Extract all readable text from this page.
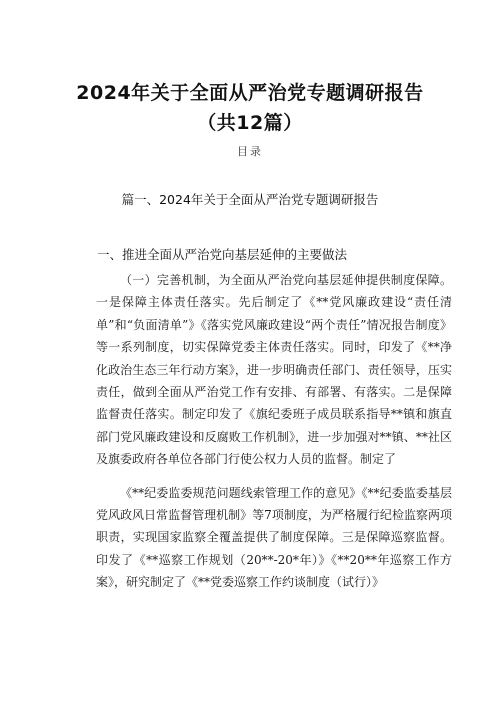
2024年关于全面从严治党专题调研报告（共12篇）
目录
篇一、2024年关于全面从严治党专题调研报告
一、推进全面从严治党向基层延伸的主要做法

（一）完善机制，为全面从严治党向基层延伸提供制度保障。一是保障主体责任落实。先后制定了《**党风廉政建设“责任清单”和“负面清单”》《落实党风廉政建设“两个责任”情况报告制度》等一系列制度，切实保障党委主体责任落实。同时，印发了《**净化政治生态三年行动方案》，进一步明确责任部门、责任领导，压实责任，做到全面从严治党工作有安排、有部署、有落实。二是保障监督责任落实。制定印发了《旗纪委班子成员联系指导**镇和旗直部门党风廉政建设和反腐败工作机制》，进一步加强对**镇、**社区及旗委政府各单位各部门行使公权力人员的监督。制定了

《**纪委监委规范问题线索管理工作的意见》《**纪委监委基层党风政风日常监督管理机制》等7项制度，为严格履行纪检监察两项职责，实现国家监察全覆盖提供了制度保障。三是保障巡察监督。印发了《**巡察工作规划（20**-20*年）》《**20**年巡察工作方案》，研究制定了《**党委巡察工作约谈制度（试行）》
